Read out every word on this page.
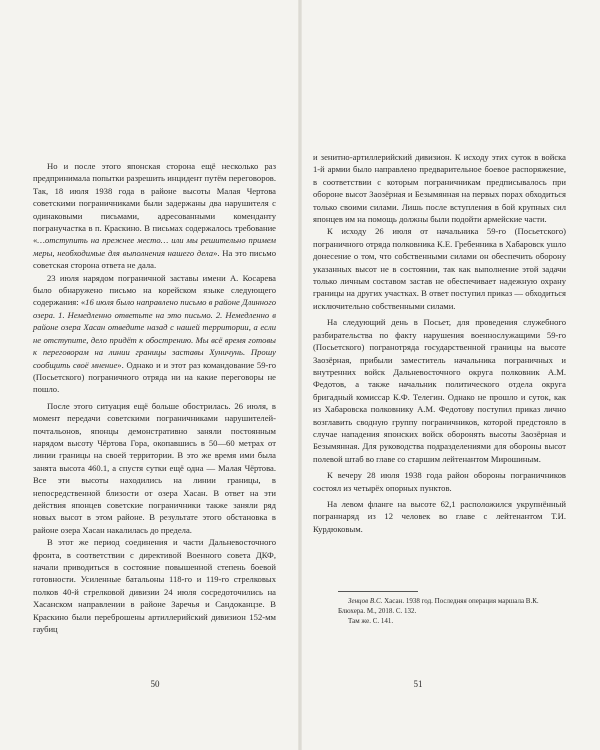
Но и после этого японская сторона ещё несколько раз предпринимала попытки разрешить инцидент путём переговоров. Так, 18 июля 1938 года в районе высоты Малая Чертова советскими пограничниками были задержаны два нарушителя с одинаковыми письмами, адресованными коменданту погранучастка в п. Краскино. В письмах содержалось требование «…отступить на прежнее место… или мы решительно примем меры, необходимые для выполнения нашего дела». На это письмо советская сторона ответа не дала.

23 июля нарядом пограничной заставы имени А. Косарева было обнаружено письмо на корейском языке следующего содержания: «16 июля было направлено письмо в районе Длинного озера. 1. Немедленно ответьте на это письмо. 2. Немедленно в районе озера Хасан отведите назад с нашей территории, а если не отступите, дело придёт к обострению. Мы всё время готовы к переговорам на линии границы заставы Хуничунь. Прошу сообщить своё мнение». Однако и и этот раз командование 59-го (Посьетского) пограничного отряда ни на какие переговоры не пошло.

После этого ситуация ещё больше обострилась. 26 июля, в момент передачи советскими пограничниками нарушителей-почтальонов, японцы демонстративно заняли постоянным нарядом высоту Чёртова Гора, окопавшись в 50—60 метрах от линии границы на своей территории. В это же время ими была занята высота 460.1, а спустя сутки ещё одна — Малая Чёртова. Все эти высоты находились на линии границы, в непосредственной близости от озера Хасан. В ответ на эти действия японцев советские пограничники также заняли ряд новых высот в этом районе. В результате этого обстановка в районе озера Хасан накалилась до предела.

В этот же период соединения и части Дальневосточного фронта, в соответствии с директивой Военного совета ДКФ, начали приводиться в состояние повышенной степень боевой готовности. Усиленные батальоны 118-го и 119-го стрелковых полков 40-й стрелковой дивизии 24 июля сосредоточились на Хасанском направлении в районе Заречья и Сандоканцзе. В Краскино были переброшены артиллерийский дивизион 152-мм гаубиц

50

и зенитно-артиллерийский дивизион. К исходу этих суток в войска 1-й армии было направлено предварительное боевое распоряжение, в соответствии с которым пограничникам предписывалось при обороне высот Заозёрная и Безымянная на первых порах обходиться только своими силами. Лишь после вступления в бой крупных сил японцев им на помощь должны были подойти армейские части.

К исходу 26 июля от начальника 59-го (Посьетского) пограничного отряда полковника К.Е. Гребенника в Хабаровск ушло донесение о том, что собственными силами он обеспечить оборону указанных высот не в состоянии, так как выполнение этой задачи только личным составом застав не обеспечивает надежную охрану границы на других участках. В ответ поступил приказ — обходиться исключительно собственными силами.

На следующий день в Посьет, для проведения служебного разбирательства по факту нарушения военнослужащими 59-го (Посьетского) погранотряда государственной границы на высоте Заозёрная, прибыли заместитель начальника пограничных и внутренних войск Дальневосточного округа полковник А.М. Федотов, а также начальник политического отдела округа бригадный комиссар К.Ф. Телегин. Однако не прошло и суток, как из Хабаровска полковнику А.М. Федотову поступил приказ лично возглавить сводную группу пограничников, которой предстояло в случае нападения японских войск оборонять высоты Заозёрная и Безымянная. Для руководства подразделениями для обороны высот полевой штаб во главе со старшим лейтенантом Мирошиным.

К вечеру 28 июля 1938 года район обороны пограничников состоял из четырёх опорных пунктов.

На левом фланге на высоте 62,1 расположился укрупнённый пограннаряд из 12 человек во главе с лейтенантом Т.И. Курдюковым.

Зенцов В.С. Хасан. 1938 год. Последняя операция маршала В.К. Блюхера. М., 2018. С. 132.

Там же. С. 141.

51
